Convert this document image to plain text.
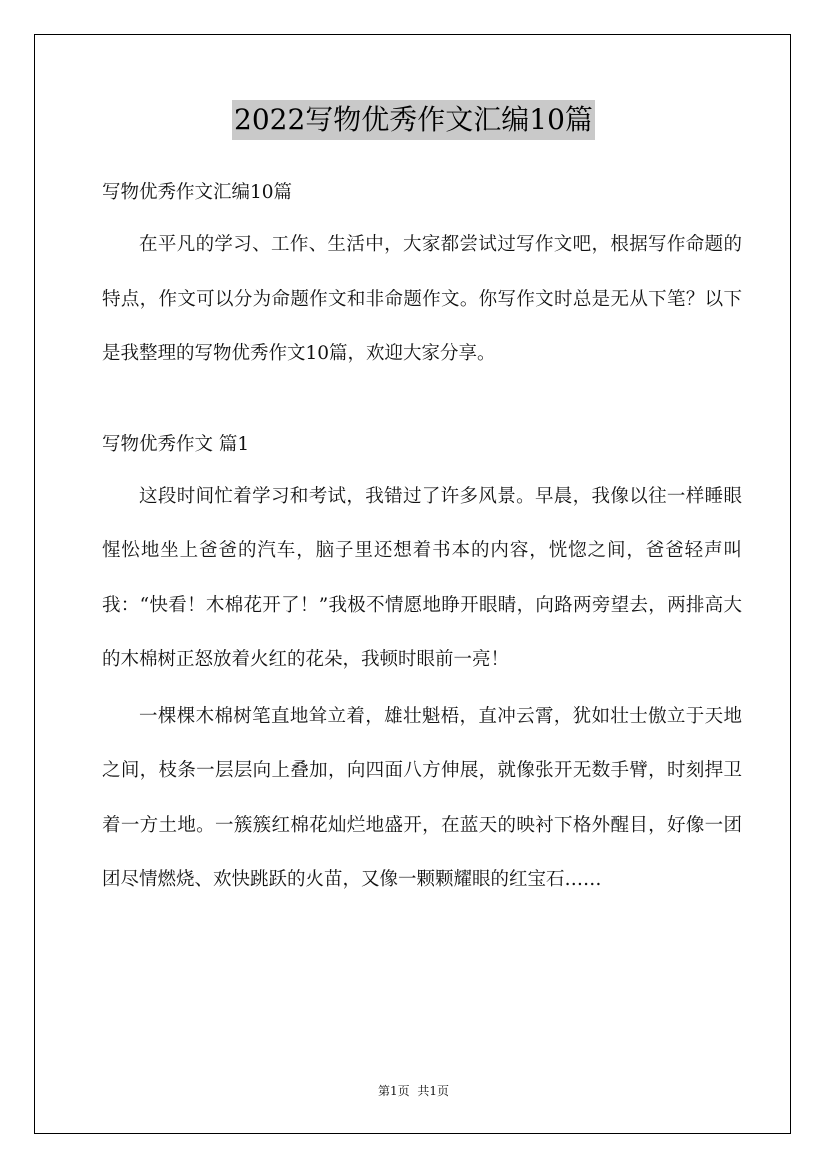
2022写物优秀作文汇编10篇

写物优秀作文汇编10篇

在平凡的学习、工作、生活中，大家都尝试过写作文吧，根据写作命题的特点，作文可以分为命题作文和非命题作文。你写作文时总是无从下笔？以下是我整理的写物优秀作文10篇，欢迎大家分享。

写物优秀作文 篇1

这段时间忙着学习和考试，我错过了许多风景。早晨，我像以往一样睡眼惺忪地坐上爸爸的汽车，脑子里还想着书本的内容，恍惚之间，爸爸轻声叫我：“快看！木棉花开了！”我极不情愿地睁开眼睛，向路两旁望去，两排高大的木棉树正怒放着火红的花朵，我顿时眼前一亮！

一棵棵木棉树笔直地耸立着，雄壮魁梧，直冲云霄，犹如壮士傲立于天地之间，枝条一层层向上叠加，向四面八方伸展，就像张开无数手臂，时刻捍卫着一方土地。一簇簇红棉花灿烂地盛开，在蓝天的映衬下格外醒目，好像一团团尽情燃烧、欢快跳跃的火苗，又像一颗颗耀眼的红宝石……

第1页 共1页
